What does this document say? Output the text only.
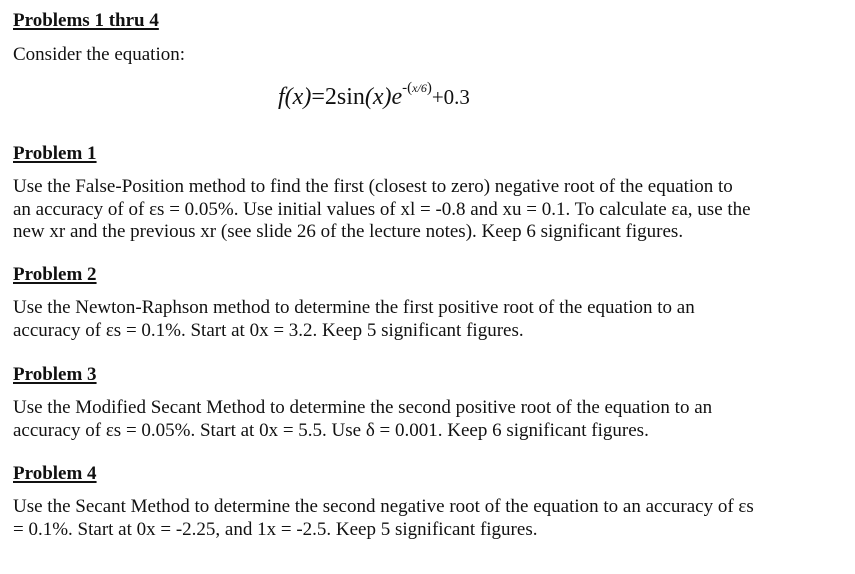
Problems 1 thru 4
Consider the equation:
$f(x)=2\sin(x)e^{-(x/6)}+0.3$
Problem 1
Use the False-Position method to find the first (closest to zero) negative root of the equation to
an accuracy of of εs = 0.05%. Use initial values of xl = -0.8 and xu = 0.1. To calculate εa, use the
new xr and the previous xr (see slide 26 of the lecture notes). Keep 6 significant figures.
Problem 2
Use the Newton-Raphson method to determine the first positive root of the equation to an
accuracy of εs = 0.1%. Start at 0x = 3.2. Keep 5 significant figures.
Problem 3
Use the Modified Secant Method to determine the second positive root of the equation to an
accuracy of εs = 0.05%. Start at 0x = 5.5. Use δ = 0.001. Keep 6 significant figures.
Problem 4
Use the Secant Method to determine the second negative root of the equation to an accuracy of εs
= 0.1%. Start at 0x = -2.25, and 1x = -2.5. Keep 5 significant figures.
